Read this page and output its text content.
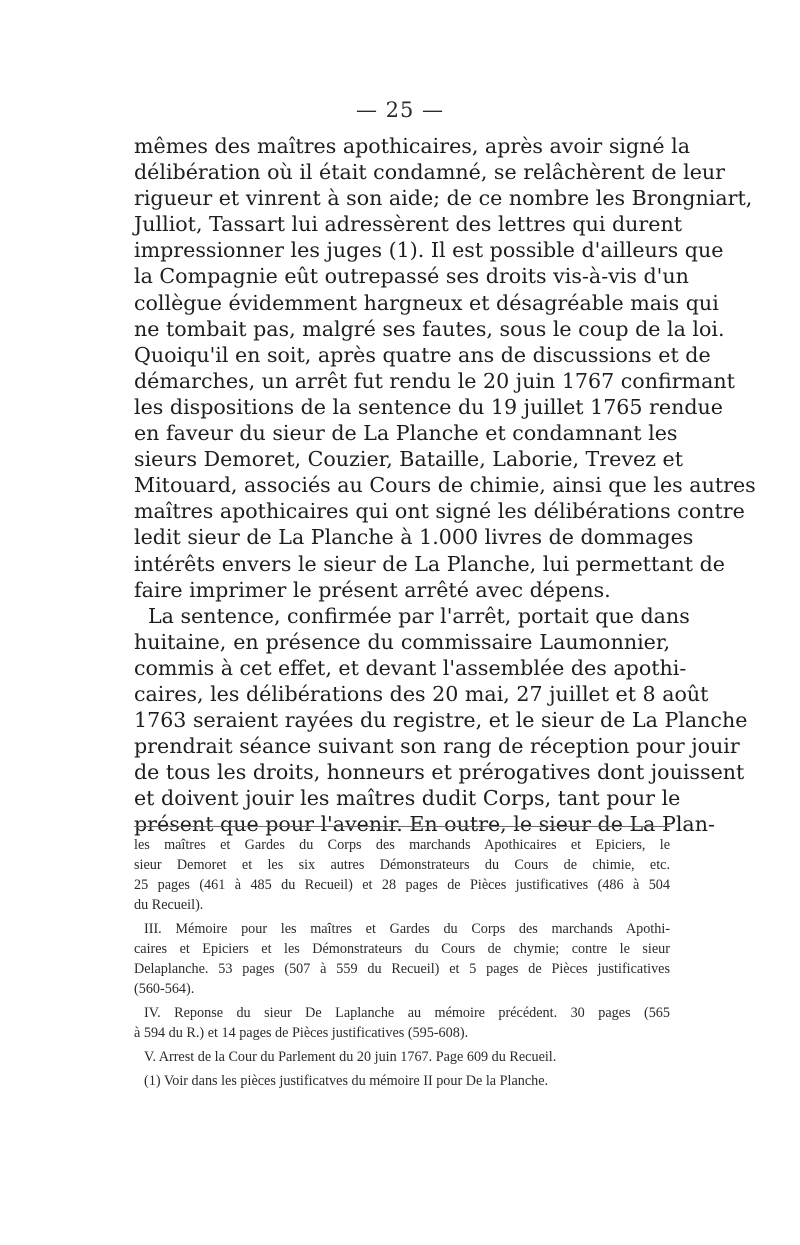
— 25 —
mêmes des maîtres apothicaires, après avoir signé la
délibération où il était condamné, se relâchèrent de leur
rigueur et vinrent à son aide; de ce nombre les Brongniart,
Julliot, Tassart lui adressèrent des lettres qui durent
impressionner les juges (1). Il est possible d'ailleurs que
la Compagnie eût outrepassé ses droits vis-à-vis d'un
collègue évidemment hargneux et désagréable mais qui
ne tombait pas, malgré ses fautes, sous le coup de la loi.
Quoiqu'il en soit, après quatre ans de discussions et de
démarches, un arrêt fut rendu le 20 juin 1767 confirmant
les dispositions de la sentence du 19 juillet 1765 rendue
en faveur du sieur de La Planche et condamnant les
sieurs Demoret, Couzier, Bataille, Laborie, Trevez et
Mitouard, associés au Cours de chimie, ainsi que les autres
maîtres apothicaires qui ont signé les délibérations contre
ledit sieur de La Planche à 1.000 livres de dommages
intérêts envers le sieur de La Planche, lui permettant de
faire imprimer le présent arrêté avec dépens.
La sentence, confirmée par l'arrêt, portait que dans
huitaine, en présence du commissaire Laumonnier,
commis à cet effet, et devant l'assemblée des apothi-
caires, les délibérations des 20 mai, 27 juillet et 8 août
1763 seraient rayées du registre, et le sieur de La Planche
prendrait séance suivant son rang de réception pour jouir
de tous les droits, honneurs et prérogatives dont jouissent
et doivent jouir les maîtres dudit Corps, tant pour le
présent que pour l'avenir. En outre, le sieur de La Plan-
les maîtres et Gardes du Corps des marchands Apothicaires et Epiciers, le
sieur Demoret et les six autres Démonstrateurs du Cours de chimie, etc.
25 pages (461 à 485 du Recueil) et 28 pages de Pièces justificatives (486 à 504
du Recueil).
III. Mémoire pour les maîtres et Gardes du Corps des marchands Apothi-
caires et Epiciers et les Démonstrateurs du Cours de chymie; contre le sieur
Delaplanche. 53 pages (507 à 559 du Recueil) et 5 pages de Pièces justificatives
(560-564).
IV. Reponse du sieur De Laplanche au mémoire précédent. 30 pages (565
à 594 du R.) et 14 pages de Pièces justificatives (595-608).
V. Arrest de la Cour du Parlement du 20 juin 1767. Page 609 du Recueil.
(1) Voir dans les pièces justificatves du mémoire II pour De la Planche.
